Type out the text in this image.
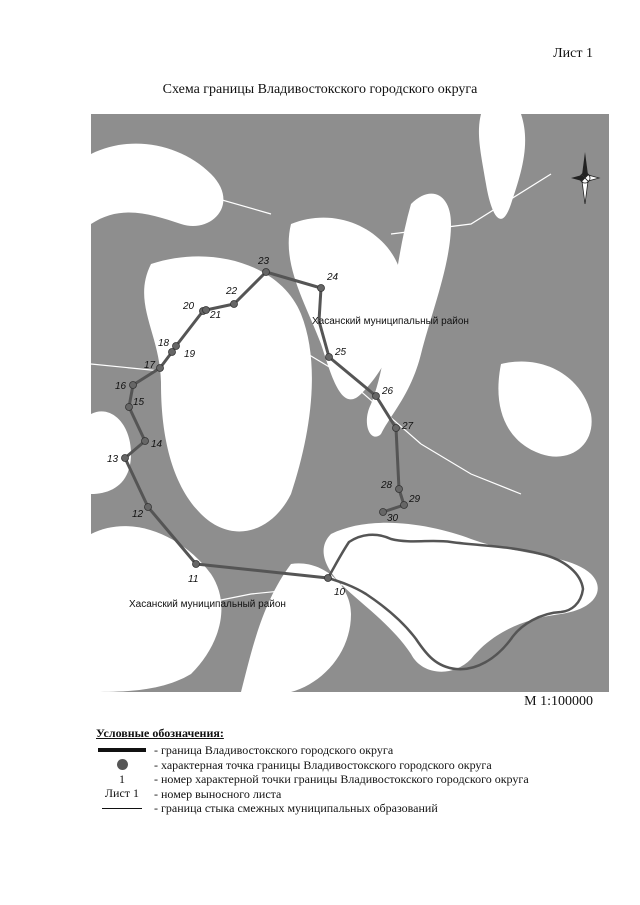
Лист 1
Схема границы Владивостокского городского округа
10
11
12
13
14
15
16
17
18
19
20
21
22
23
24
25
26
27
28
29
30
Хасанский муниципальный район
Хасанский муниципальный район
М 1:100000
Условные обозначения:
- граница Владивостокского городского округа
- характерная точка границы Владивостокского городского округа
1 - номер характерной точки границы Владивостокского городского округа
Лист 1 - номер выносного листа
- граница стыка смежных муниципальных образований
